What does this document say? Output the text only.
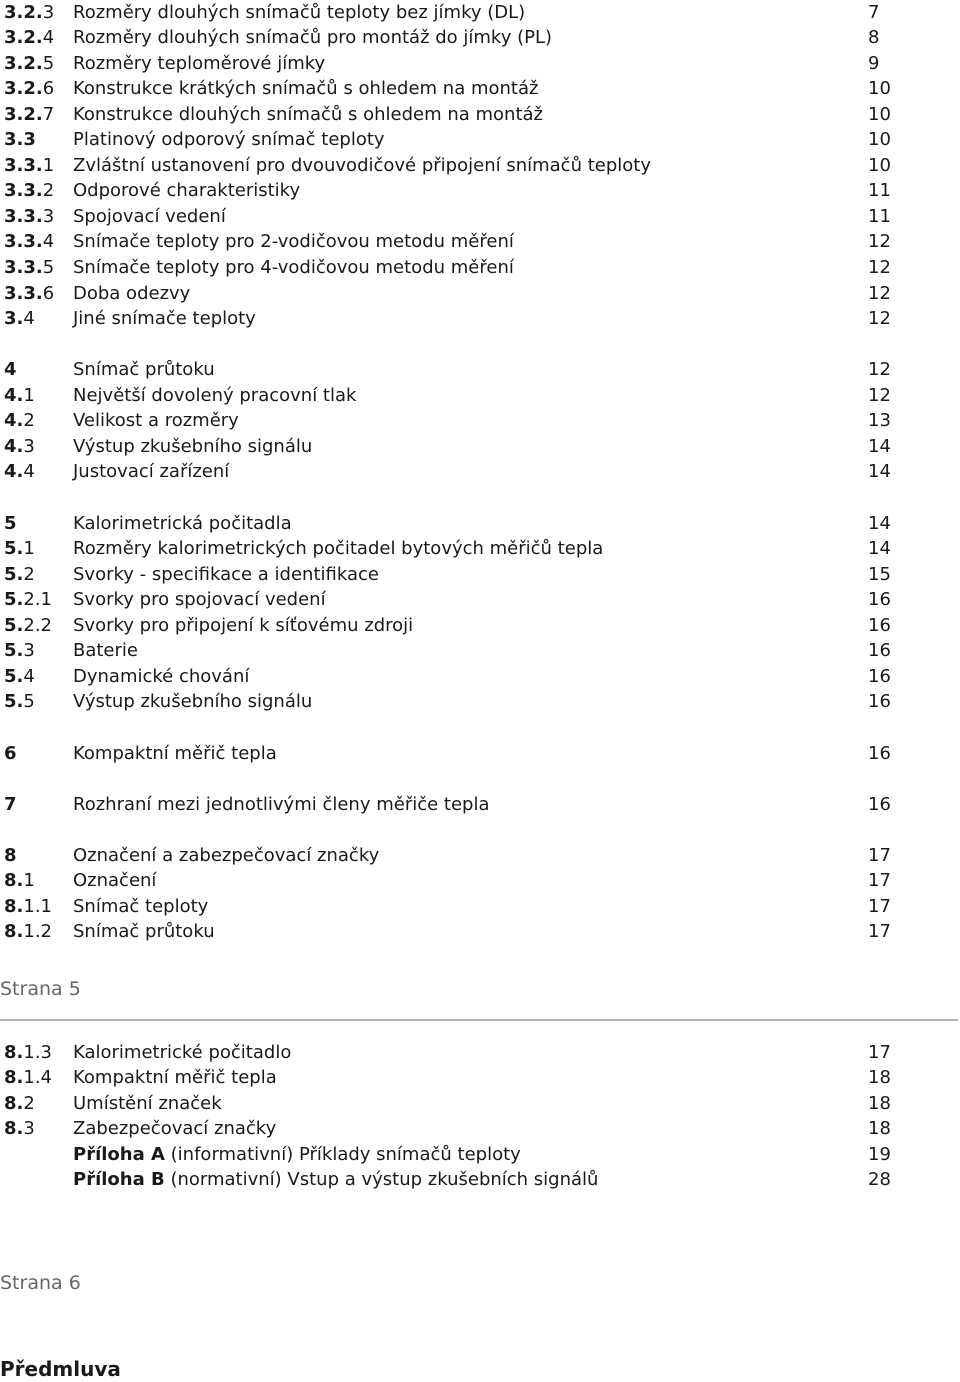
3.2.3 Rozměry dlouhých snímačů teploty bez jímky (DL)	7
3.2.4 Rozměry dlouhých snímačů pro montáž do jímky (PL)	8
3.2.5 Rozměry teploměrové jímky	9
3.2.6 Konstrukce krátkých snímačů s ohledem na montáž	10
3.2.7 Konstrukce dlouhých snímačů s ohledem na montáž	10
3.3 Platinový odporový snímač teploty	10
3.3.1 Zvláštní ustanovení pro dvouvodičové připojení snímačů teploty	10
3.3.2 Odporové charakteristiky	11
3.3.3 Spojovací vedení	11
3.3.4 Snímače teploty pro 2-vodičovou metodu měření	12
3.3.5 Snímače teploty pro 4-vodičovou metodu měření	12
3.3.6 Doba odezvy	12
3.4 Jiné snímače teploty	12
4	Snímač průtoku	12
4.1 Největší dovolený pracovní tlak	12
4.2 Velikost a rozměry	13
4.3 Výstup zkušebního signálu	14
4.4 Justovací zařízení	14
5	Kalorimetrická počitadla	14
5.1 Rozměry kalorimetrických počitadel bytových měřičů tepla	14
5.2 Svorky - specifikace a identifikace	15
5.2.1 Svorky pro spojovací vedení	16
5.2.2 Svorky pro připojení k síťovému zdroji	16
5.3 Baterie	16
5.4 Dynamické chování	16
5.5 Výstup zkušebního signálu	16
6	Kompaktní měřič tepla	16
7	Rozhraní mezi jednotlivými členy měřiče tepla	16
8	Označení a zabezpečovací značky	17
8.1 Označení	17
8.1.1 Snímač teploty	17
8.1.2 Snímač průtoku	17
Strana 5
8.1.3 Kalorimetrické počitadlo	17
8.1.4 Kompaktní měřič tepla	18
8.2 Umístění značek	18
8.3 Zabezpečovací značky	18
Příloha A (informativní) Příklady snímačů teploty	19
Příloha B (normativní) Vstup a výstup zkušebních signálů	28
Strana 6
Předmluva
